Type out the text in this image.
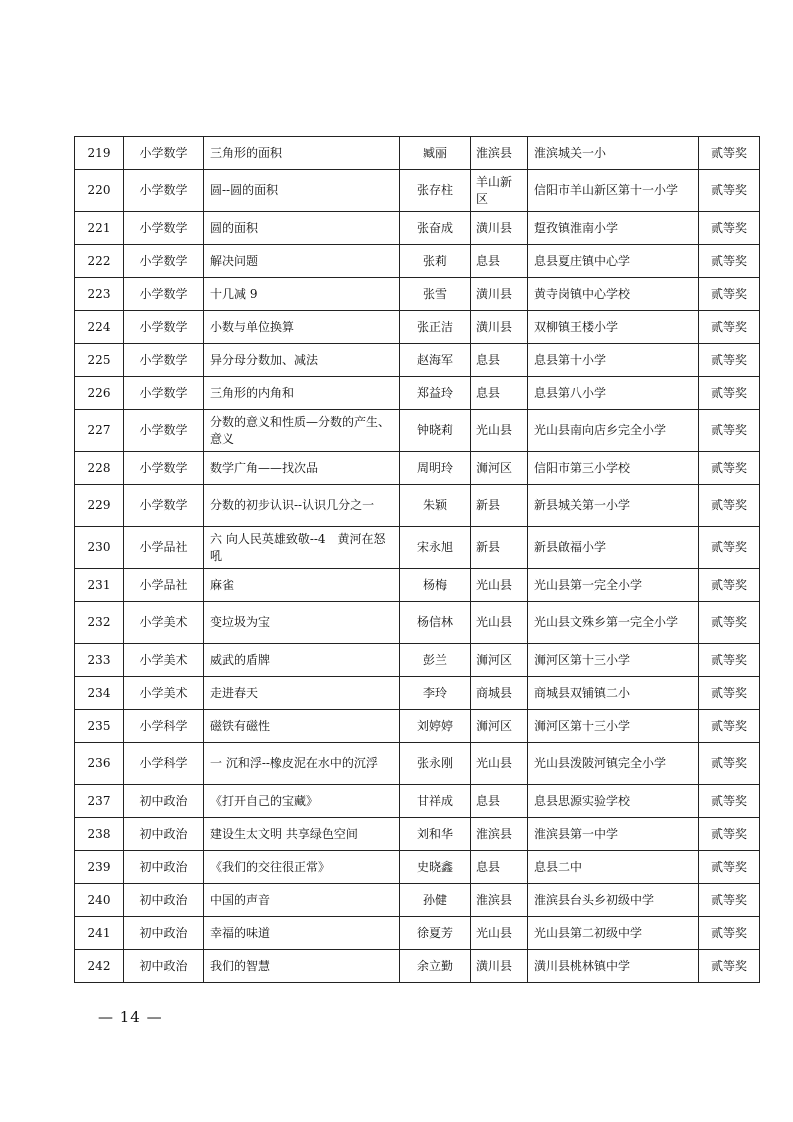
219	小学数学	三角形的面积	臧丽	淮滨县	淮滨城关一小	贰等奖
220	小学数学	圆--圆的面积	张存柱	羊山新区	信阳市羊山新区第十一小学	贰等奖
221	小学数学	圆的面积	张奋成	潢川县	踅孜镇淮南小学	贰等奖
222	小学数学	解决问题	张莉	息县	息县夏庄镇中心学	贰等奖
223	小学数学	十几减 9	张雪	潢川县	黄寺岗镇中心学校	贰等奖
224	小学数学	小数与单位换算	张正洁	潢川县	双柳镇王楼小学	贰等奖
225	小学数学	异分母分数加、减法	赵海军	息县	息县第十小学	贰等奖
226	小学数学	三角形的内角和	郑益玲	息县	息县第八小学	贰等奖
227	小学数学	分数的意义和性质—分数的产生、意义	钟晓莉	光山县	光山县南向店乡完全小学	贰等奖
228	小学数学	数学广角——找次品	周明玲	浉河区	信阳市第三小学校	贰等奖
229	小学数学	分数的初步认识--认识几分之一	朱颖	新县	新县城关第一小学	贰等奖
230	小学品社	六 向人民英雄致敬--4　黄河在怒吼	宋永旭	新县	新县啟福小学	贰等奖
231	小学品社	麻雀	杨梅	光山县	光山县第一完全小学	贰等奖
232	小学美术	变垃圾为宝	杨信林	光山县	光山县文殊乡第一完全小学	贰等奖
233	小学美术	威武的盾牌	彭兰	浉河区	浉河区第十三小学	贰等奖
234	小学美术	走进春天	李玲	商城县	商城县双铺镇二小	贰等奖
235	小学科学	磁铁有磁性	刘婷婷	浉河区	浉河区第十三小学	贰等奖
236	小学科学	一 沉和浮--橡皮泥在水中的沉浮	张永刚	光山县	光山县泼陂河镇完全小学	贰等奖
237	初中政治	《打开自己的宝藏》	甘祥成	息县	息县思源实验学校	贰等奖
238	初中政治	建设生太文明 共享绿色空间	刘和华	淮滨县	淮滨县第一中学	贰等奖
239	初中政治	《我们的交往很正常》	史晓鑫	息县	息县二中	贰等奖
240	初中政治	中国的声音	孙健	淮滨县	淮滨县台头乡初级中学	贰等奖
241	初中政治	幸福的味道	徐夏芳	光山县	光山县第二初级中学	贰等奖
242	初中政治	我们的智慧	余立勤	潢川县	潢川县桃林镇中学	贰等奖
— 14 —
